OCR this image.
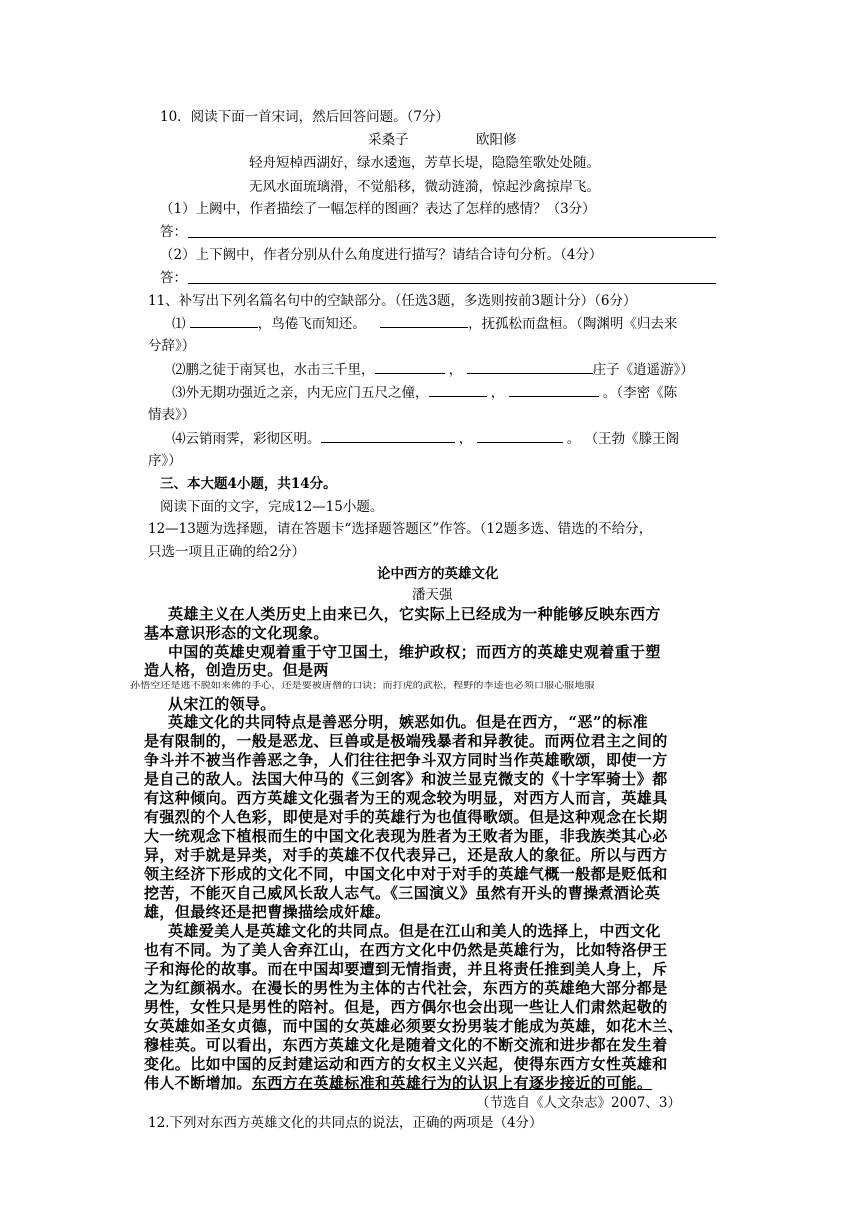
10．阅读下面一首宋词，然后回答问题。（7分）
采桑子	欧阳修
轻舟短棹西湖好，绿水逶迤，芳草长堤，隐隐笙歌处处随。
无风水面琉璃滑，不觉船移，微动涟漪，惊起沙禽掠岸飞。
（1）上阙中，作者描绘了一幅怎样的图画？表达了怎样的感情？（3分）
答：
（2）上下阙中，作者分别从什么角度进行描写？请结合诗句分析。（4分）
答：
11、补写出下列名篇名句中的空缺部分。（任选3题，多选则按前3题计分）（6分）
⑴	，鸟倦飞而知还。	，抚孤松而盘桓。（陶渊明《归去来
兮辞》）
⑵鹏之徒于南冥也，水击三千里，	，	庄子《逍遥游》）
⑶外无期功强近之亲，内无应门五尺之僮，	，	。（李密《陈
情表》）
⑷云销雨霁，彩彻区明。	，	。 （王勃《滕王阁
序》）
三、本大题4小题，共14分。
阅读下面的文字，完成12—15小题。
12—13题为选择题，请在答题卡“选择题答题区”作答。（12题多选、错选的不给分，
只选一项且正确的给2分）
论中西方的英雄文化
潘天强
英雄主义在人类历史上由来已久，它实际上已经成为一种能够反映东西方
基本意识形态的文化现象。
中国的英雄史观着重于守卫国土，维护政权；而西方的英雄史观着重于塑
造人格，创造历史。但是两
孙悟空还是逃不脱如来佛的手心，还是要被唐僧的口诀；而打虎的武松，程野的李逵也必须口服心服地服
从宋江的领导。
英雄文化的共同特点是善恶分明，嫉恶如仇。但是在西方，“恶”的标准
是有限制的，一般是恶龙、巨兽或是极端残暴者和异教徒。而两位君主之间的
争斗并不被当作善恶之争，人们往往把争斗双方同时当作英雄歌颂，即使一方
是自己的敌人。法国大仲马的《三剑客》和波兰显克微支的《十字军骑士》都
有这种倾向。西方英雄文化强者为王的观念较为明显，对西方人而言，英雄具
有强烈的个人色彩，即使是对手的英雄行为也值得歌颂。但是这种观念在长期
大一统观念下植根而生的中国文化表现为胜者为王败者为匪，非我族类其心必
异，对手就是异类，对手的英雄不仅代表异己，还是敌人的象征。所以与西方
领主经济下形成的文化不同，中国文化中对于对手的英雄气概一般都是贬低和
挖苦，不能灭自己威风长敌人志气。《三国演义》虽然有开头的曹操煮酒论英
雄，但最终还是把曹操描绘成奸雄。
英雄爱美人是英雄文化的共同点。但是在江山和美人的选择上，中西文化
也有不同。为了美人舍弃江山，在西方文化中仍然是英雄行为，比如特洛伊王
子和海伦的故事。而在中国却要遭到无情指责，并且将责任推到美人身上，斥
之为红颜祸水。在漫长的男性为主体的古代社会，东西方的英雄绝大部分都是
男性，女性只是男性的陪衬。但是，西方偶尔也会出现一些让人们肃然起敬的
女英雄如圣女贞德，而中国的女英雄必须要女扮男装才能成为英雄，如花木兰、
穆桂英。可以看出，东西方英雄文化是随着文化的不断交流和进步都在发生着
变化。比如中国的反封建运动和西方的女权主义兴起，使得东西方女性英雄和
伟人不断增加。东西方在英雄标准和英雄行为的认识上有逐步接近的可能。
（节选自《人文杂志》2007、3）
12.下列对东西方英雄文化的共同点的说法，正确的两项是（4分）
